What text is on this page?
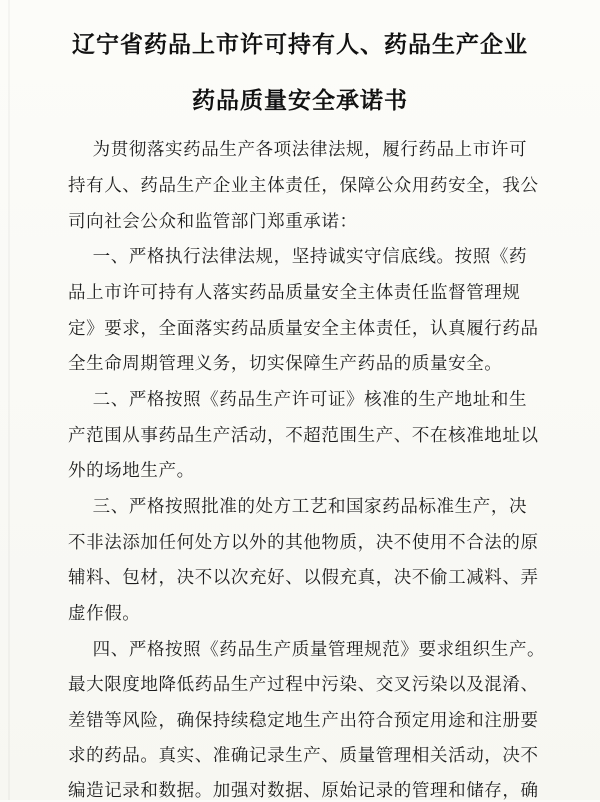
辽宁省药品上市许可持有人、药品生产企业
药品质量安全承诺书
为贯彻落实药品生产各项法律法规，履行药品上市许可
持有人、药品生产企业主体责任，保障公众用药安全，我公
司向社会公众和监管部门郑重承诺：
一、严格执行法律法规，坚持诚实守信底线。按照《药
品上市许可持有人落实药品质量安全主体责任监督管理规
定》要求，全面落实药品质量安全主体责任，认真履行药品
全生命周期管理义务，切实保障生产药品的质量安全。
二、严格按照《药品生产许可证》核准的生产地址和生
产范围从事药品生产活动，不超范围生产、不在核准地址以
外的场地生产。
三、严格按照批准的处方工艺和国家药品标准生产，决
不非法添加任何处方以外的其他物质，决不使用不合法的原
辅料、包材，决不以次充好、以假充真，决不偷工减料、弄
虚作假。
四、严格按照《药品生产质量管理规范》要求组织生产。
最大限度地降低药品生产过程中污染、交叉污染以及混淆、
差错等风险，确保持续稳定地生产出符合预定用途和注册要
求的药品。真实、准确记录生产、质量管理相关活动，决不
编造记录和数据。加强对数据、原始记录的管理和储存，确
